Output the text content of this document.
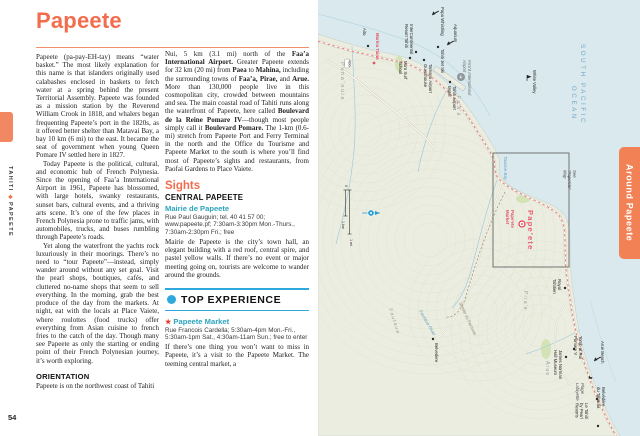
TAHITI◆PAPEETE
54
Papeete

Papeete (pa-pay-EH-tay) means “water basket.” The most likely explanation for this name is that islanders originally used calabashes enclosed in baskets to fetch water at a spring behind the present Territorial Assembly. Papeete was founded as a mission station by the Reverend William Crook in 1818, and whalers began frequenting Papeete’s port in the 1820s, as it offered better shelter than Matavai Bay, a bay 10 km (6 mi) to the east. It became the seat of government when young Queen Pomare IV settled here in 1827.

Today Papeete is the political, cultural, and economic hub of French Polynesia. Since the opening of Faa’a International Airport in 1961, Papeete has blossomed, with large hotels, swanky restaurants, sunset bars, cultural events, and a thriving arts scene. It’s one of the few places in French Polynesia prone to traffic jams, with automobiles, trucks, and buses rumbling through Papeete’s roads.

Yet along the waterfront the yachts rock luxuriously in their moorings. There’s no need to “tour Papeete”—instead, simply wander around without any set goal. Visit the pearl shops, boutiques, cafés, and cluttered no-name shops that seem to sell everything. In the morning, grab the best produce of the day from the markets. At night, eat with the locals at Place Vaiete, where roulottes (food trucks) offer everything from Asian cuisine to french fries to the catch of the day. Though many see Papeete as only the starting or ending point of their French Polynesian journey, it’s worth exploring.

ORIENTATION

Papeete is on the northwest coast of Tahiti

Nui, 5 km (3.1 mi) north of the Faa’a International Airport. Greater Papeete extends for 32 km (20 mi) from Paea to Mahina, including the surrounding towns of Faa’a, Pirae, and Arue. More than 130,000 people live in this cosmopolitan city, crowded between mountains and sea. The main coastal road of Tahiti runs along the waterfront of Papeete, here called Boulevard de la Reine Pomare IV—though most people simply call it Boulevard Pomare. The 1-km (0.6-mi) stretch from Papeete Port and Ferry Terminal in the north and the Office du Tourisme and Papeete Market to the south is where you’ll find most of Papeete’s sights and restaurants, from Paofai Gardens to Place Vaiete.

Sights
CENTRAL PAPEETE
Mairie de Papeete
Rue Paul Gauguin; tel. 40 41 57 00; www.papeete.pf; 7:30am-3:30pm Mon.-Thurs., 7:30am-2:30pm Fri.; free

Mairie de Papeete is the city’s town hall, an elegant building with a red roof, central spire, and pastel yellow walls. If there’s no event or major meeting going on, tourists are welcome to wander around the grounds.

TOP EXPERIENCE
★ Papeete Market
Rue Francois Cardella; 5:30am-4pm Mon.-Fri., 5:30am-1pm Sat., 4:30am-11am Sun.; free to enter

If there’s one thing you won’t want to miss in Papeete, it’s a visit to the Papeete Market. The teeming central market, a

✈	SOUTH PACIFIC
OCEAN
Puna'auia
Fa'a'ā
Pira'e
Arue
Fautaua	Fautaua River	Sentier du Fachoda
Aito
Marina Taina	InterContinentalResort Tahiti
Mo'o SurfSchool	Tahiti Jet Ski
Tamanu AirportGuesthouse
Tahiti AirportMotel	Fa'a'ā InternationalAirport
Papa Whistling Aquarium
White Valley
Taaone Bay	See“Pape'ete”Map
Pape'ete
Pape'eteMarket
RoyalTahitien
Tomb of RoiPomare V
James NormanHall Museum	Arue Beach
PlageLafayette	Belvédèredu Taharaa
Le Tahitiby PearlResorts
Belvedere
0
1 km
1 mi
RDO
Around Papeete
